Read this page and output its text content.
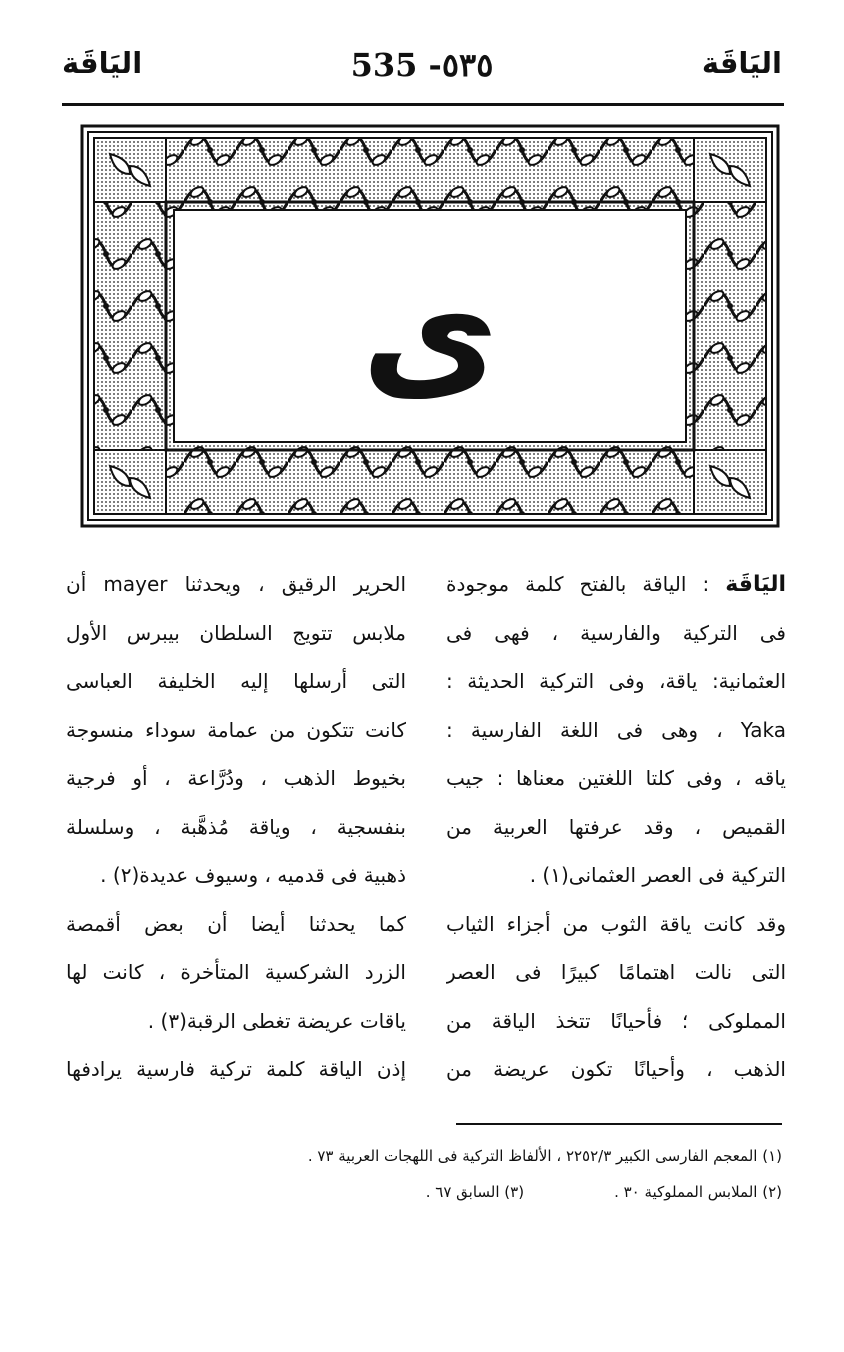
اليَاقَة
535 -٥٣٥
اليَاقَة
ى
اليَاقَة : الياقة بالفتح كلمة موجودة
فى التركية والفارسية ، فهى فى
العثمانية: ياقة، وفى التركية الحديثة :
Yaka ، وهى فى اللغة الفارسية :
ياقه ، وفى كلتا اللغتين معناها : جيب
القميص ، وقد عرفتها العربية من
التركية فى العصر العثمانى(١) .
وقد كانت ياقة الثوب من أجزاء الثياب
التى نالت اهتمامًا كبيرًا فى العصر
المملوكى ؛ فأحيانًا تتخذ الياقة من
الذهب ، وأحيانًا تكون عريضة من
الحرير الرقيق ، ويحدثنا mayer أن
ملابس تتويج السلطان بيبرس الأول
التى أرسلها إليه الخليفة العباسى
كانت تتكون من عمامة سوداء منسوجة
بخيوط الذهب ، ودُرَّاعة ، أو فرجية
بنفسجية ، وياقة مُذهَّبة ، وسلسلة
ذهبية فى قدميه ، وسيوف عديدة(٢) .
كما يحدثنا أيضا أن بعض أقمصة
الزرد الشركسية المتأخرة ، كانت لها
ياقات عريضة تغطى الرقبة(٣) .
إذن الياقة كلمة تركية فارسية يرادفها
(١) المعجم الفارسى الكبير ٢٢٥٢/٣ ، الألفاظ التركية فى اللهجات العربية ٧٣ .
(٢) الملابس المملوكية ٣٠ .(٣) السابق ٦٧ .
